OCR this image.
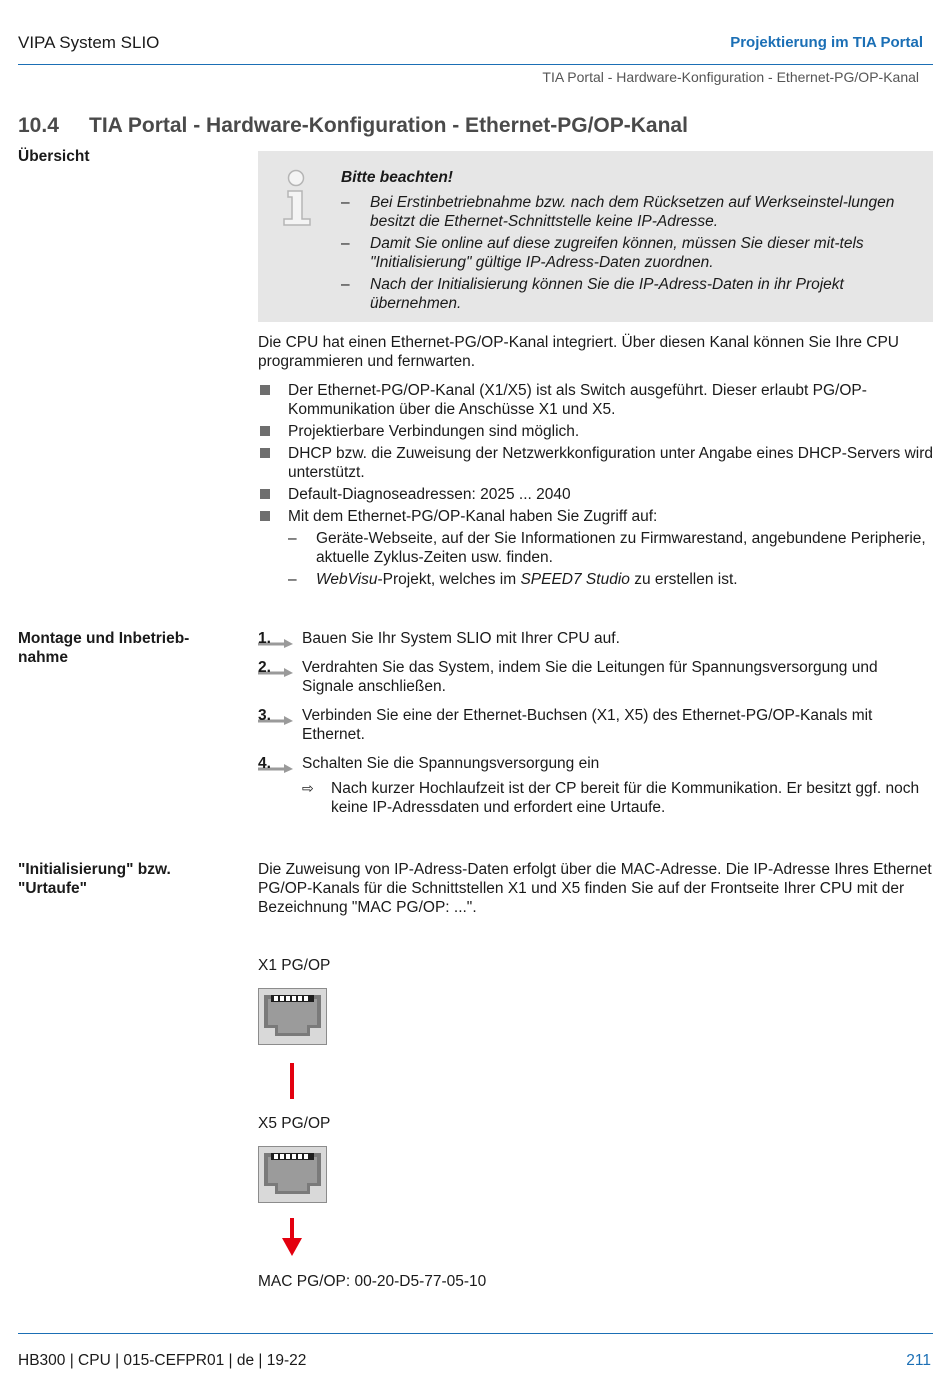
VIPA System SLIO	Projektierung im TIA Portal
TIA Portal - Hardware-Konfiguration - Ethernet-PG/OP-Kanal
10.4 TIA Portal - Hardware-Konfiguration - Ethernet-PG/OP-Kanal
Übersicht
Bitte beachten!
– Bei Erstinbetriebnahme bzw. nach dem Rücksetzen auf Werkseinstel-lungen besitzt die Ethernet-Schnittstelle keine IP-Adresse.
– Damit Sie online auf diese zugreifen können, müssen Sie dieser mit-tels "Initialisierung" gültige IP-Adress-Daten zuordnen.
– Nach der Initialisierung können Sie die IP-Adress-Daten in ihr Projekt übernehmen.

Die CPU hat einen Ethernet-PG/OP-Kanal integriert. Über diesen Kanal können Sie Ihre CPU programmieren und fernwarten.

Der Ethernet-PG/OP-Kanal (X1/X5) ist als Switch ausgeführt. Dieser erlaubt PG/OP-Kommunikation über die Anschüsse X1 und X5.
Projektierbare Verbindungen sind möglich.
DHCP bzw. die Zuweisung der Netzwerkkonfiguration unter Angabe eines DHCP-Servers wird unterstützt.
Default-Diagnoseadressen: 2025 ... 2040
Mit dem Ethernet-PG/OP-Kanal haben Sie Zugriff auf:
– Geräte-Webseite, auf der Sie Informationen zu Firmwarestand, angebundene Peripherie, aktuelle Zyklus-Zeiten usw. finden.
– WebVisu-Projekt, welches im SPEED7 Studio zu erstellen ist.
Montage und Inbetrieb-nahme
1. Bauen Sie Ihr System SLIO mit Ihrer CPU auf.
2. Verdrahten Sie das System, indem Sie die Leitungen für Spannungsversorgung und Signale anschließen.
3. Verbinden Sie eine der Ethernet-Buchsen (X1, X5) des Ethernet-PG/OP-Kanals mit Ethernet.
4. Schalten Sie die Spannungsversorgung ein
⇨ Nach kurzer Hochlaufzeit ist der CP bereit für die Kommunikation. Er besitzt ggf. noch keine IP-Adressdaten und erfordert eine Urtaufe.
"Initialisierung" bzw. "Urtaufe"
Die Zuweisung von IP-Adress-Daten erfolgt über die MAC-Adresse. Die IP-Adresse Ihres Ethernet PG/OP-Kanals für die Schnittstellen X1 und X5 finden Sie auf der Frontseite Ihrer CPU mit der Bezeichnung "MAC PG/OP: ...".
X1 PG/OP
X5 PG/OP
MAC PG/OP: 00-20-D5-77-05-10
HB300 | CPU | 015-CEFPR01 | de | 19-22	211
